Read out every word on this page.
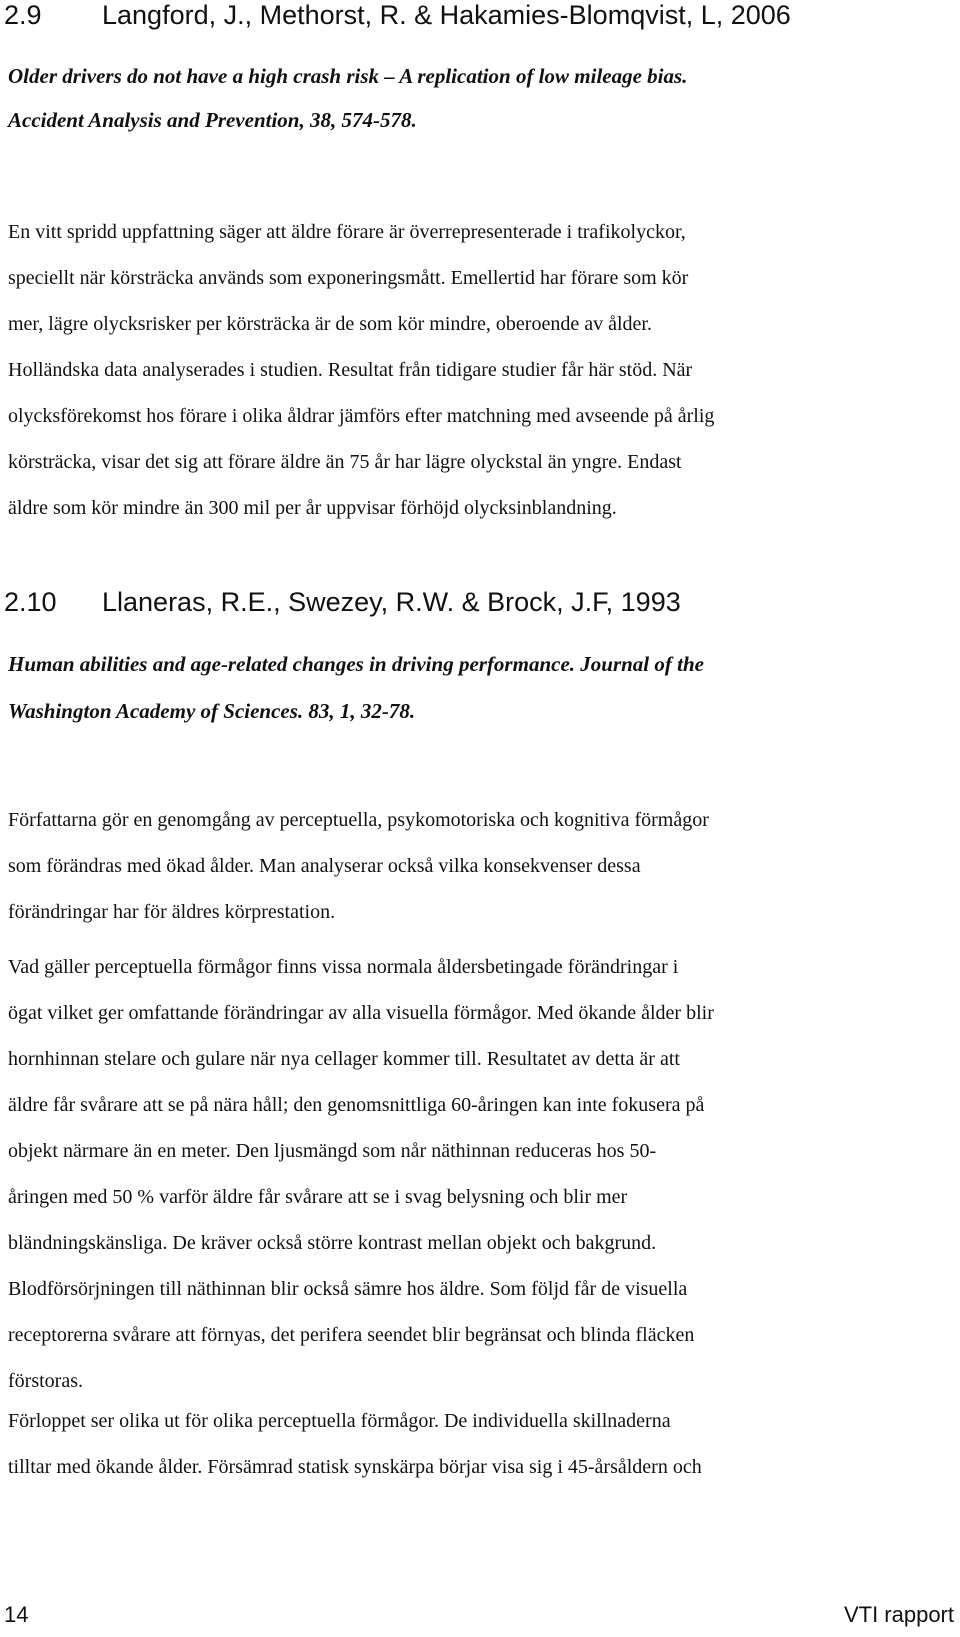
2.9 Langford, J., Methorst, R. & Hakamies-Blomqvist, L, 2006

Older drivers do not have a high crash risk – A replication of low mileage bias.
Accident Analysis and Prevention, 38, 574-578.

En vitt spridd uppfattning säger att äldre förare är överrepresenterade i trafikolyckor,
speciellt när körsträcka används som exponeringsmått. Emellertid har förare som kör
mer, lägre olycksrisker per körsträcka är de som kör mindre, oberoende av ålder.
Holländska data analyserades i studien. Resultat från tidigare studier får här stöd. När
olycksförekomst hos förare i olika åldrar jämförs efter matchning med avseende på årlig
körsträcka, visar det sig att förare äldre än 75 år har lägre olyckstal än yngre. Endast
äldre som kör mindre än 300 mil per år uppvisar förhöjd olycksinblandning.

2.10 Llaneras, R.E., Swezey, R.W. & Brock, J.F, 1993

Human abilities and age-related changes in driving performance. Journal of the
Washington Academy of Sciences. 83, 1, 32-78.

Författarna gör en genomgång av perceptuella, psykomotoriska och kognitiva förmågor
som förändras med ökad ålder. Man analyserar också vilka konsekvenser dessa
förändringar har för äldres körprestation.

Vad gäller perceptuella förmågor finns vissa normala åldersbetingade förändringar i
ögat vilket ger omfattande förändringar av alla visuella förmågor. Med ökande ålder blir
hornhinnan stelare och gulare när nya cellager kommer till. Resultatet av detta är att
äldre får svårare att se på nära håll; den genomsnittliga 60-åringen kan inte fokusera på
objekt närmare än en meter. Den ljusmängd som når näthinnan reduceras hos 50-
åringen med 50 % varför äldre får svårare att se i svag belysning och blir mer
bländningskänsliga. De kräver också större kontrast mellan objekt och bakgrund.
Blodförsörjningen till näthinnan blir också sämre hos äldre. Som följd får de visuella
receptorerna svårare att förnyas, det perifera seendet blir begränsat och blinda fläcken
förstoras.

Förloppet ser olika ut för olika perceptuella förmågor. De individuella skillnaderna
tilltar med ökande ålder. Försämrad statisk synskärpa börjar visa sig i 45-årsåldern och

14	VTI rapport
